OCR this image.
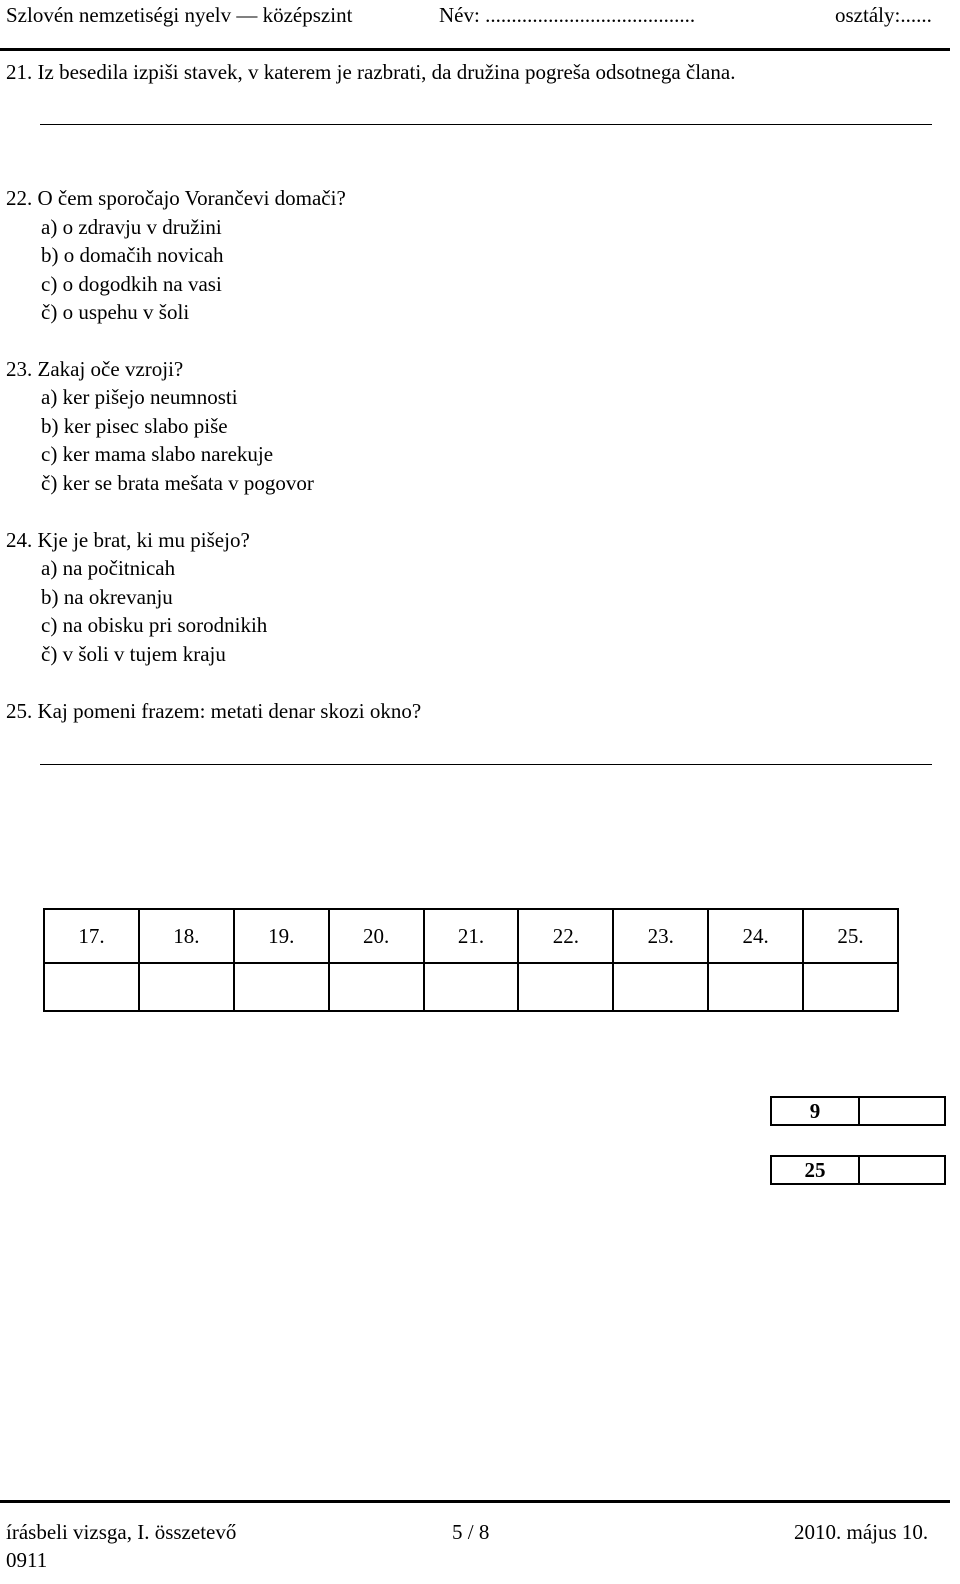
Szlovén nemzetiségi nyelv — középszint	Név: ........................................	osztály:......
21. Iz besedila izpiši stavek, v katerem je razbrati, da družina pogreša odsotnega člana.
22. O čem sporočajo Vorančevi domači?
a) o zdravju v družini
b) o domačih novicah
c) o dogodkih na vasi
č) o uspehu v šoli
23. Zakaj oče vzroji?
a) ker pišejo neumnosti
b) ker pisec slabo piše
c) ker mama slabo narekuje
č) ker se brata mešata v pogovor
24. Kje je brat, ki mu pišejo?
a) na počitnicah
b) na okrevanju
c) na obisku pri sorodnikih
č) v šoli v tujem kraju
25. Kaj pomeni frazem: metati denar skozi okno?
17.	18.	19.	20.	21.	22.	23.	24.	25.

9
25
írásbeli vizsga, I. összetevő	5 / 8	2010. május 10.
0911
